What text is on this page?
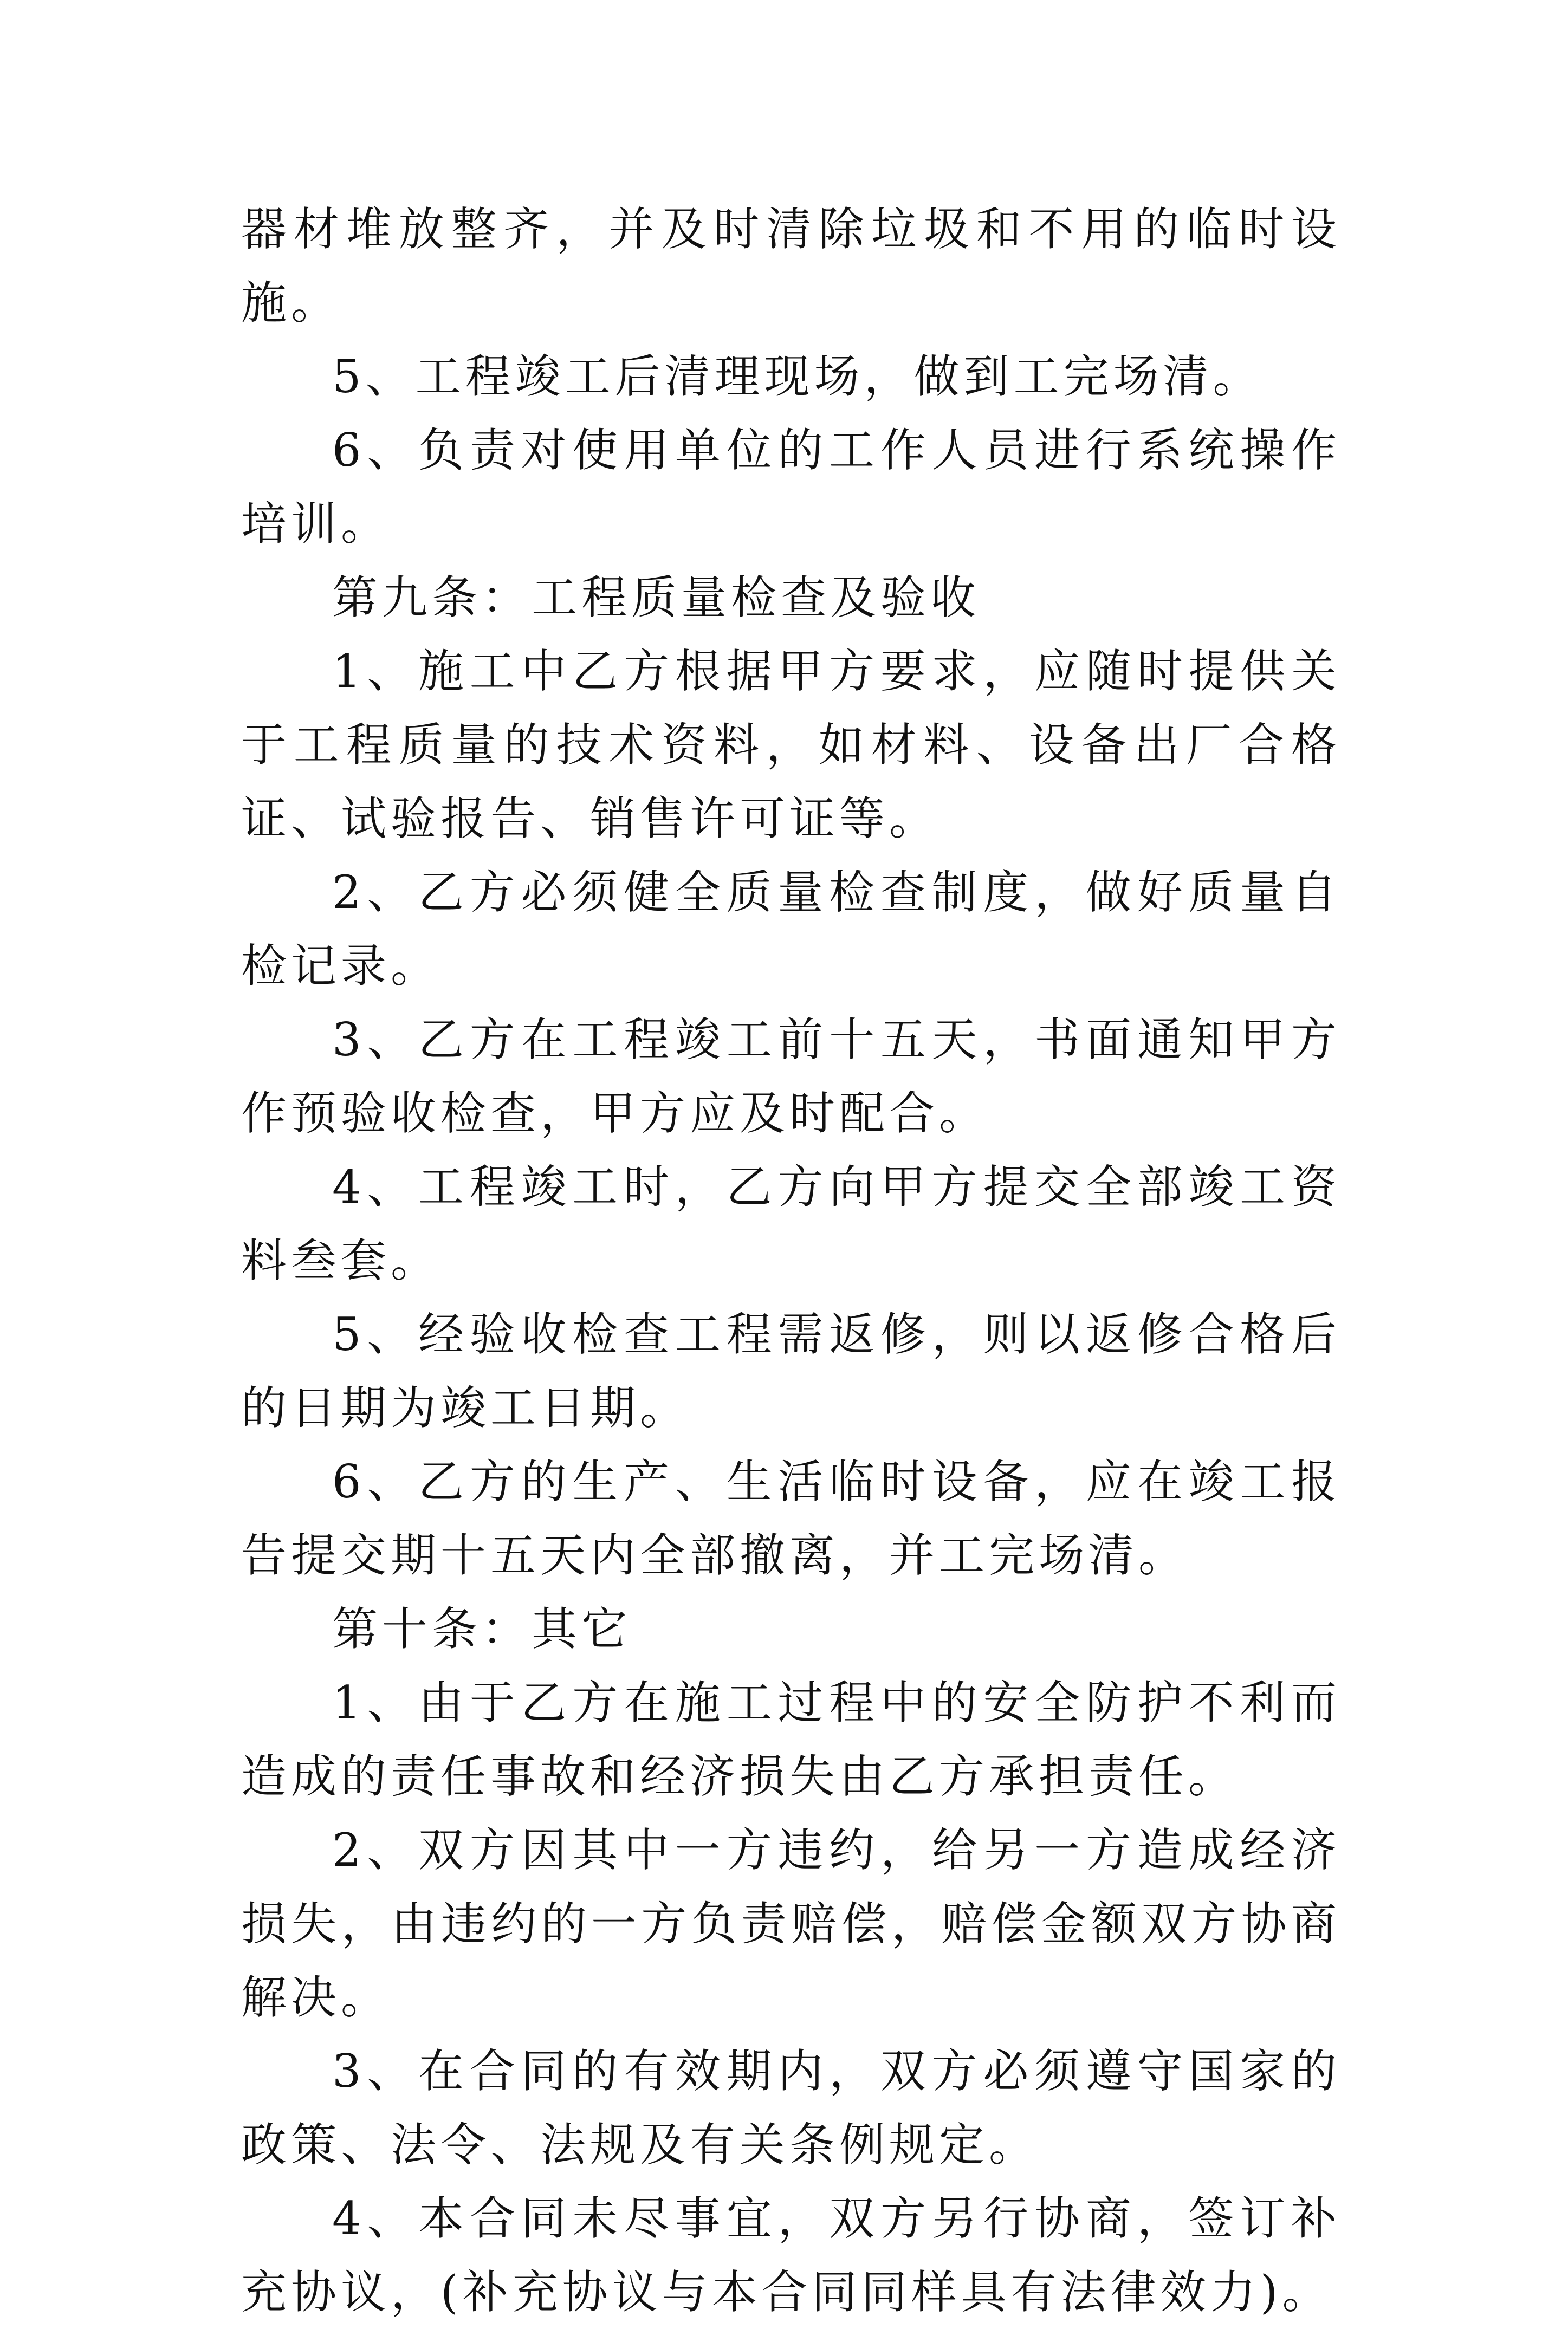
器材堆放整齐，并及时清除垃圾和不用的临时设施。

5、工程竣工后清理现场，做到工完场清。

6、负责对使用单位的工作人员进行系统操作培训。

第九条：工程质量检查及验收

1、施工中乙方根据甲方要求，应随时提供关于工程质量的技术资料，如材料、设备出厂合格证、试验报告、销售许可证等。

2、乙方必须健全质量检查制度，做好质量自检记录。

3、乙方在工程竣工前十五天，书面通知甲方作预验收检查，甲方应及时配合。

4、工程竣工时，乙方向甲方提交全部竣工资料叁套。

5、经验收检查工程需返修，则以返修合格后的日期为竣工日期。

6、乙方的生产、生活临时设备，应在竣工报告提交期十五天内全部撤离，并工完场清。

第十条：其它

1、由于乙方在施工过程中的安全防护不利而造成的责任事故和经济损失由乙方承担责任。

2、双方因其中一方违约，给另一方造成经济损失，由违约的一方负责赔偿，赔偿金额双方协商解决。

3、在合同的有效期内，双方必须遵守国家的政策、法令、法规及有关条例规定。

4、本合同未尽事宜，双方另行协商，签订补充协议，(补充协议与本合同同样具有法律效力)。
